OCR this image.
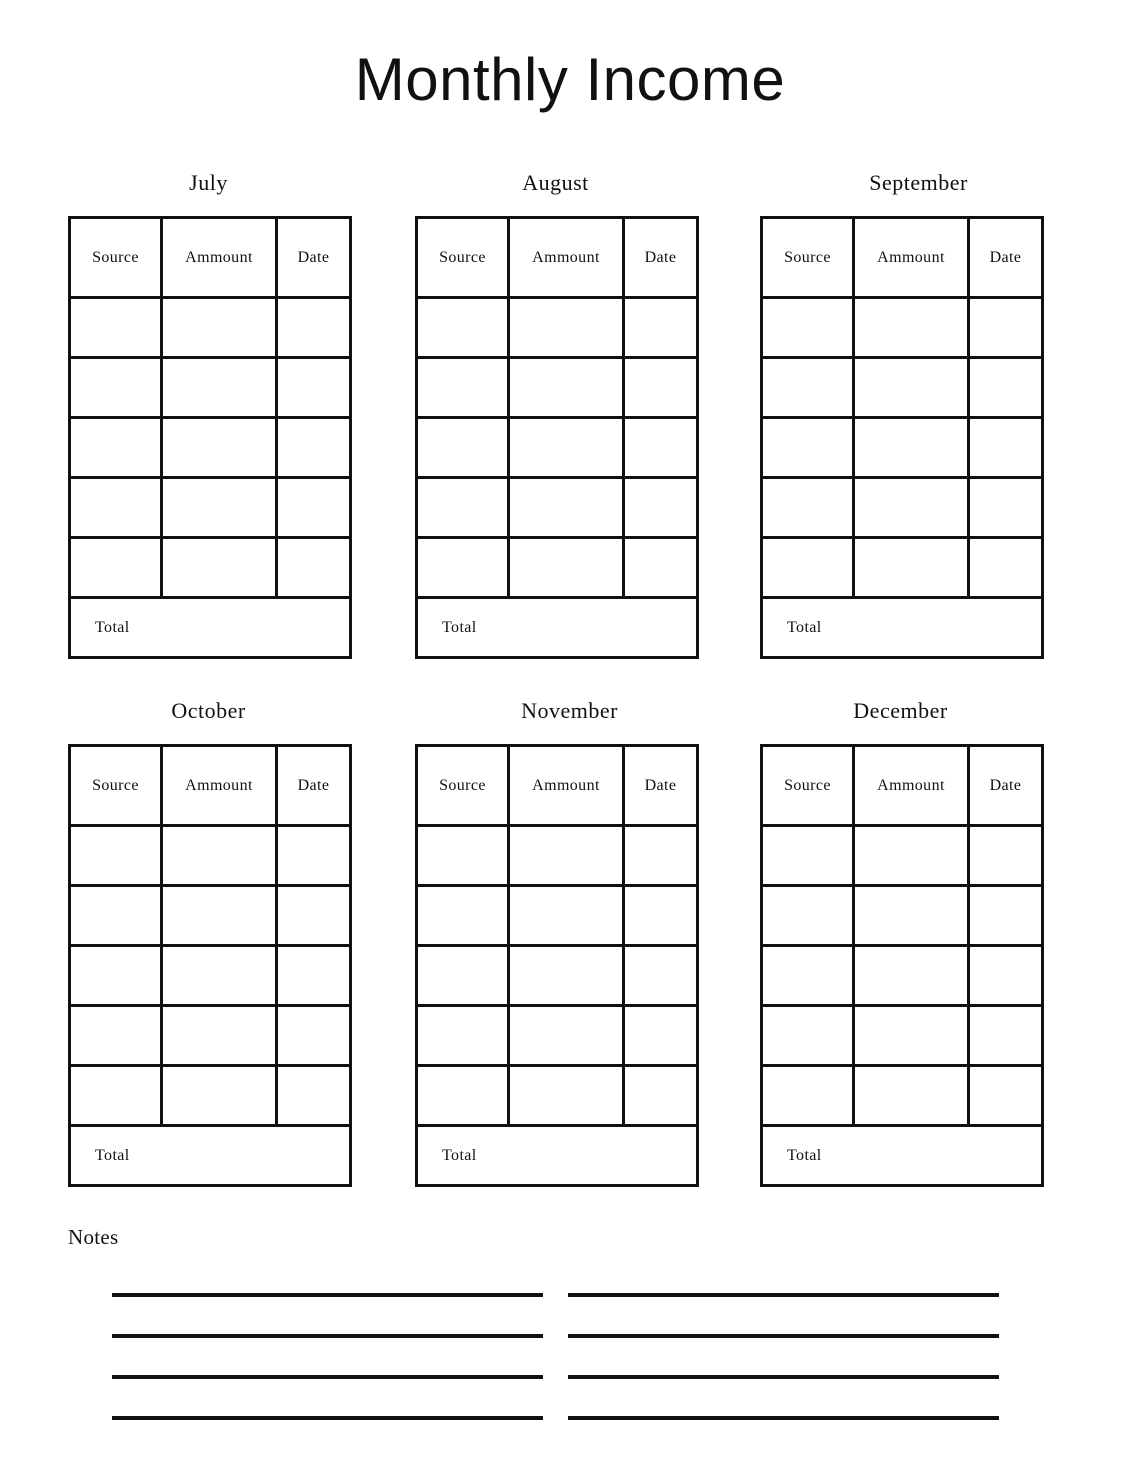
Monthly Income
July
Source	Ammount	Date

Total		
August
Source	Ammount	Date

Total		
September
Source	Ammount	Date

Total		
October
Source	Ammount	Date

Total		
November
Source	Ammount	Date

Total		
December
Source	Ammount	Date

Total		
Notes
